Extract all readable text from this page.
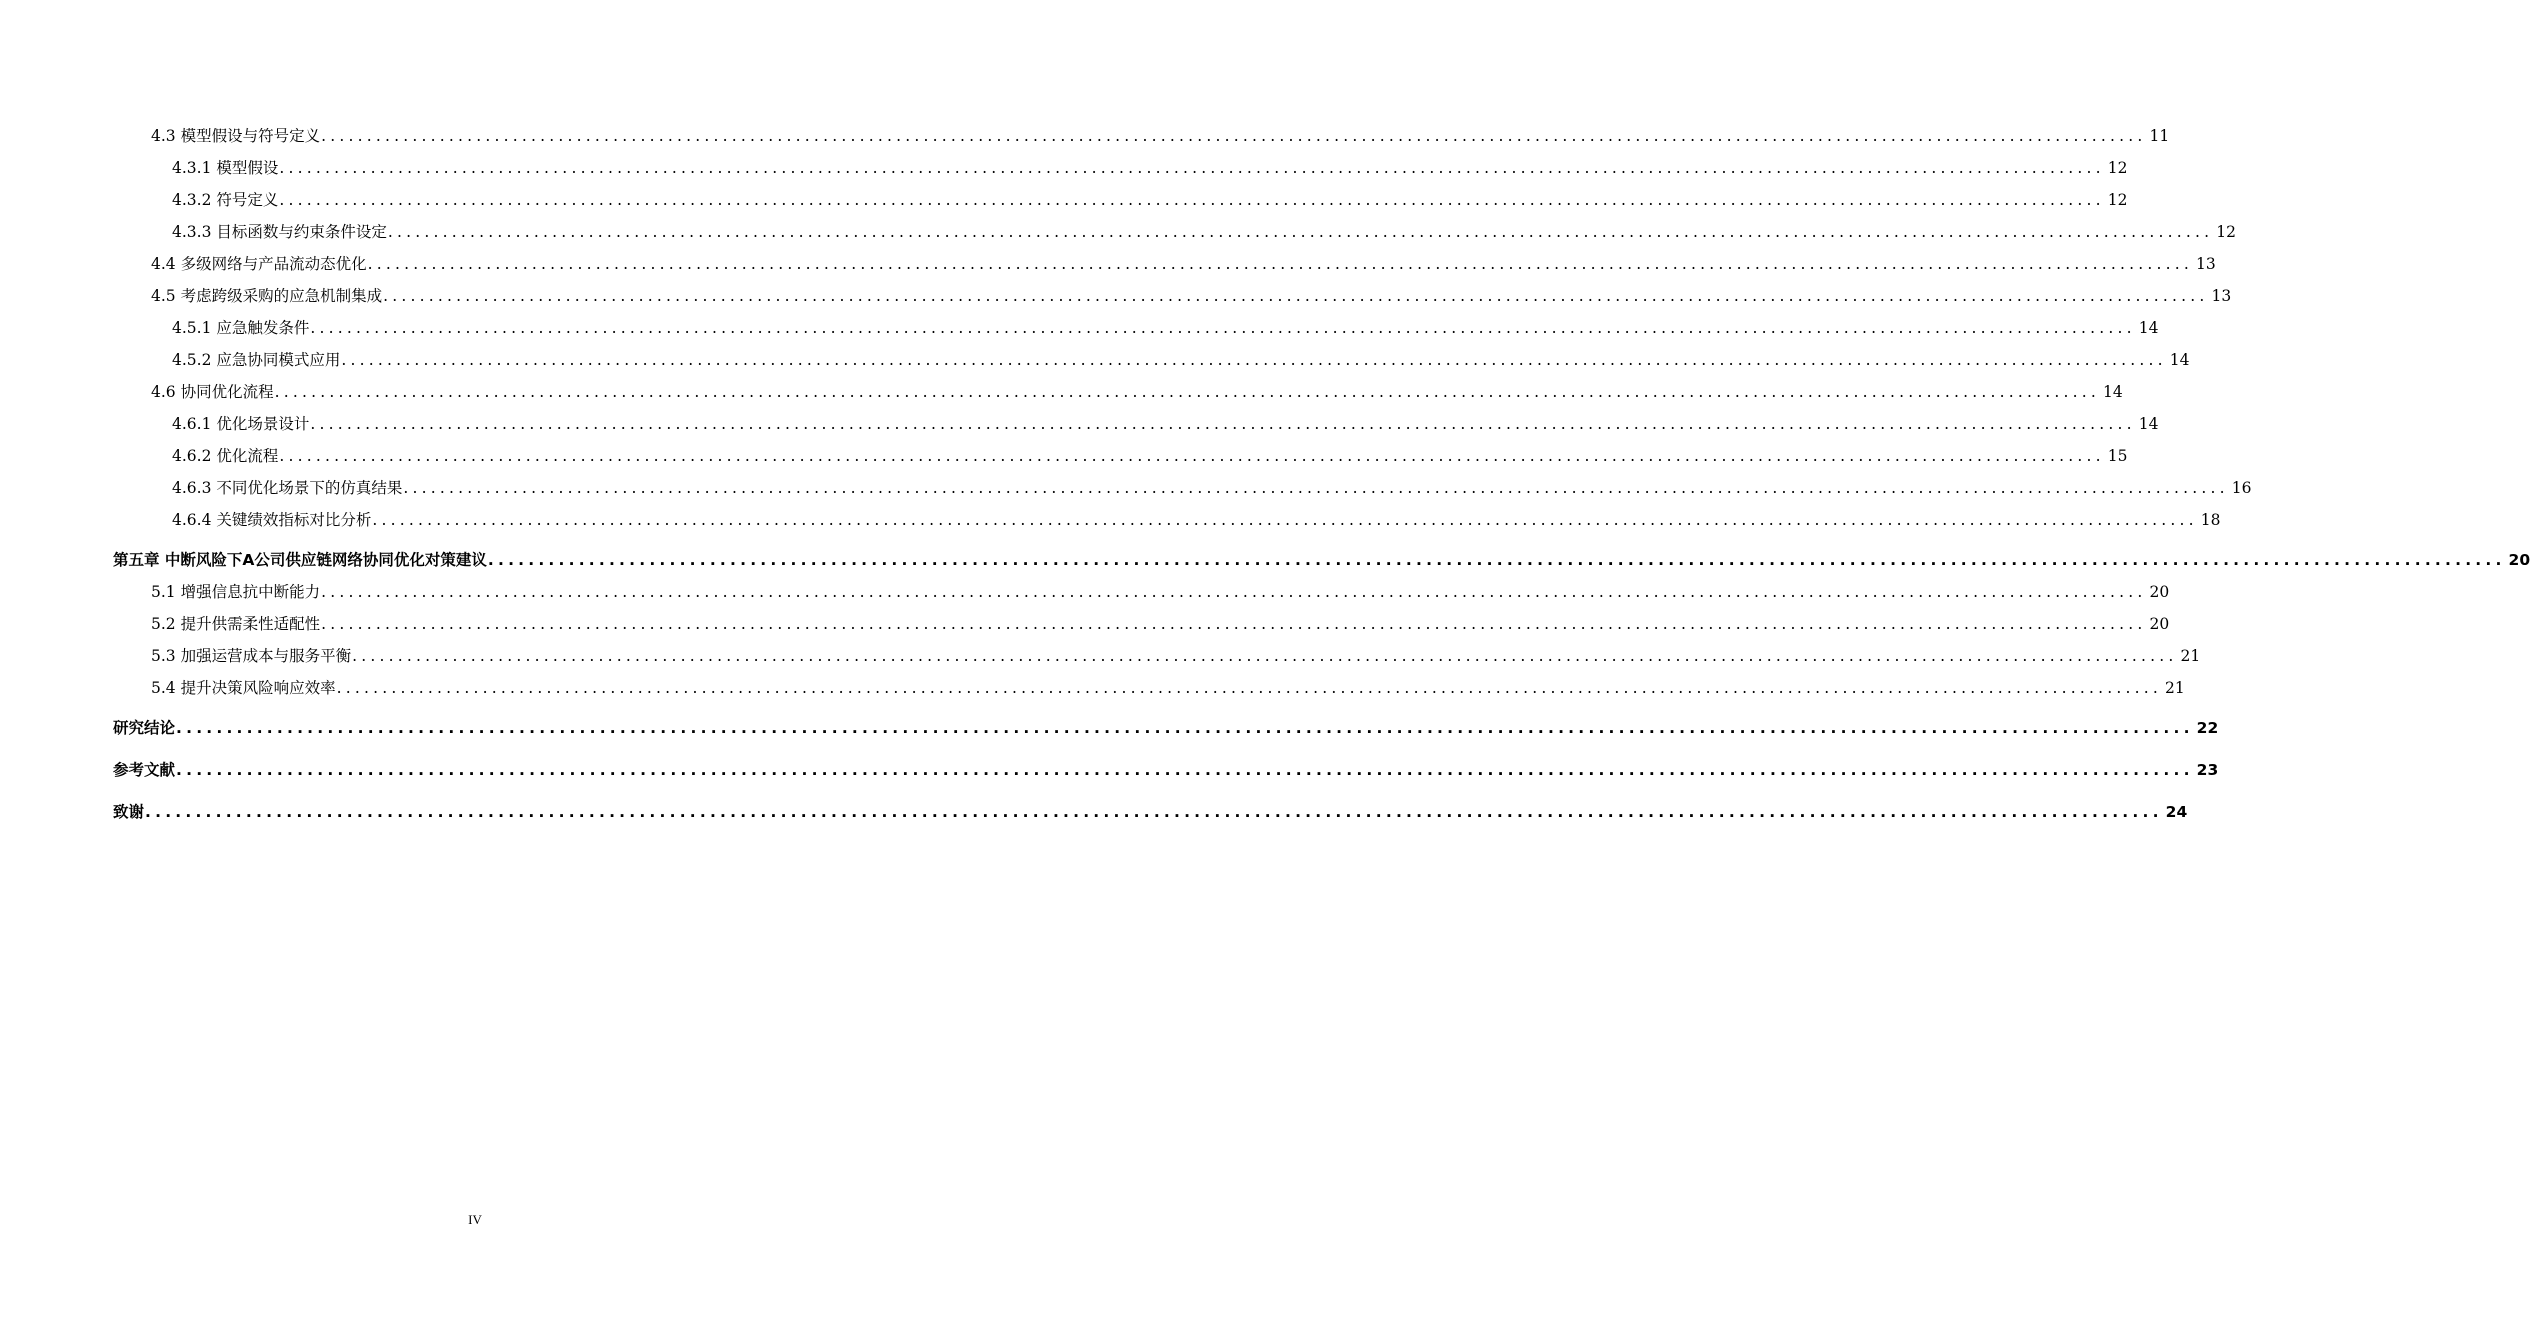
4.3 模型假设与符号定义 ........................................................................................................................................................................................................ 11
4.3.1 模型假设 ........................................................................................................................................................................................................ 12
4.3.2 符号定义 ........................................................................................................................................................................................................ 12
4.3.3 目标函数与约束条件设定 ........................................................................................................................................................................................................ 12
4.4 多级网络与产品流动态优化 ........................................................................................................................................................................................................ 13
4.5 考虑跨级采购的应急机制集成 ........................................................................................................................................................................................................ 13
4.5.1 应急触发条件 ........................................................................................................................................................................................................ 14
4.5.2 应急协同模式应用 ........................................................................................................................................................................................................ 14
4.6 协同优化流程 ........................................................................................................................................................................................................ 14
4.6.1 优化场景设计 ........................................................................................................................................................................................................ 14
4.6.2 优化流程 ........................................................................................................................................................................................................ 15
4.6.3 不同优化场景下的仿真结果 ........................................................................................................................................................................................................ 16
4.6.4 关键绩效指标对比分析 ........................................................................................................................................................................................................ 18
第五章 中断风险下A公司供应链网络协同优化对策建议 ........................................................................................................................................................................................................ 20
5.1 增强信息抗中断能力 ........................................................................................................................................................................................................ 20
5.2 提升供需柔性适配性 ........................................................................................................................................................................................................ 20
5.3 加强运营成本与服务平衡 ........................................................................................................................................................................................................ 21
5.4 提升决策风险响应效率 ........................................................................................................................................................................................................ 21
研究结论 ........................................................................................................................................................................................................ 22
参考文献 ........................................................................................................................................................................................................ 23
致谢 ........................................................................................................................................................................................................ 24
IV
